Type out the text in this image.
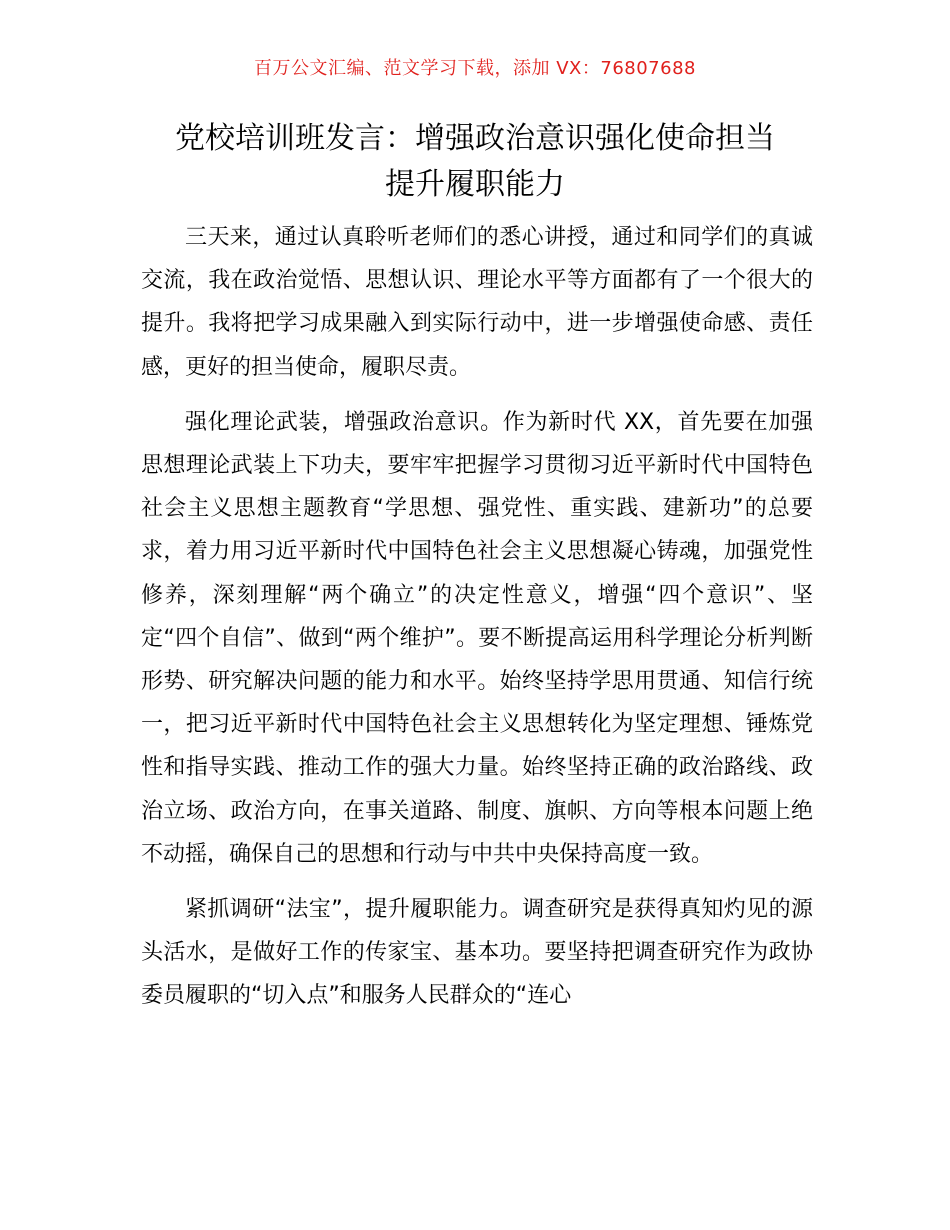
百万公文汇编、范文学习下载，添加 VX：76807688
党校培训班发言：增强政治意识强化使命担当
提升履职能力

三天来，通过认真聆听老师们的悉心讲授，通过和同学们的真诚交流，我在政治觉悟、思想认识、理论水平等方面都有了一个很大的提升。我将把学习成果融入到实际行动中，进一步增强使命感、责任感，更好的担当使命，履职尽责。

强化理论武装，增强政治意识。作为新时代 XX，首先要在加强思想理论武装上下功夫，要牢牢把握学习贯彻习近平新时代中国特色社会主义思想主题教育“学思想、强党性、重实践、建新功”的总要求，着力用习近平新时代中国特色社会主义思想凝心铸魂，加强党性修养，深刻理解“两个确立”的决定性意义，增强“四个意识”、坚定“四个自信”、做到“两个维护”。要不断提高运用科学理论分析判断形势、研究解决问题的能力和水平。始终坚持学思用贯通、知信行统一，把习近平新时代中国特色社会主义思想转化为坚定理想、锤炼党性和指导实践、推动工作的强大力量。始终坚持正确的政治路线、政治立场、政治方向，在事关道路、制度、旗帜、方向等根本问题上绝不动摇，确保自己的思想和行动与中共中央保持高度一致。

紧抓调研“法宝”，提升履职能力。调查研究是获得真知灼见的源头活水，是做好工作的传家宝、基本功。要坚持把调查研究作为政协委员履职的“切入点”和服务人民群众的“连心
